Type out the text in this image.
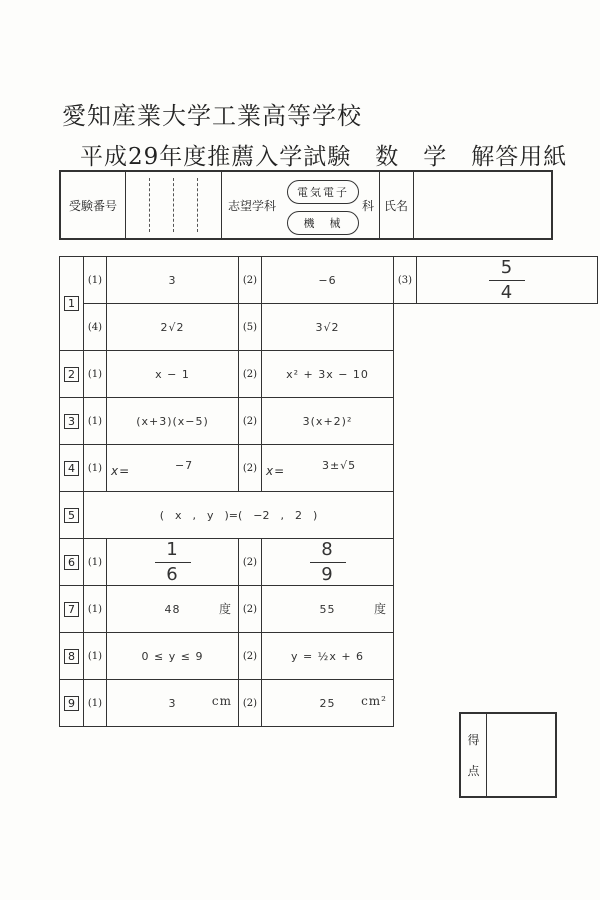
愛知産業大学工業高等学校
平成29年度推薦入学試験　数　学　解答用紙
受験番号	志望学科
電気電子
機　械
科 氏名
1	(1)	3	(2)	−6	(3)	$\frac{5}{4}$

	(4)	2√2	(5)	3√2		
2	(1)	x − 1	(2)	x² + 3x − 10		
3	(1)	(x+3)(x−5)	(2)	3(x+2)²		
4	(1)	x= −7	(2)	x= 3±√5		
5	(　x　,　y　)=(　−2　,　2　)					
6	(1)	$\frac{1}{6}$	(2)	$\frac{8}{9}$

7	(1)	48 度	(2)	55 度		

8	(1)	0 ≤ y ≤ 9	(2)	y = ½x + 6		
9	(1)	3 cm	(2)	25 cm²		

得
点
